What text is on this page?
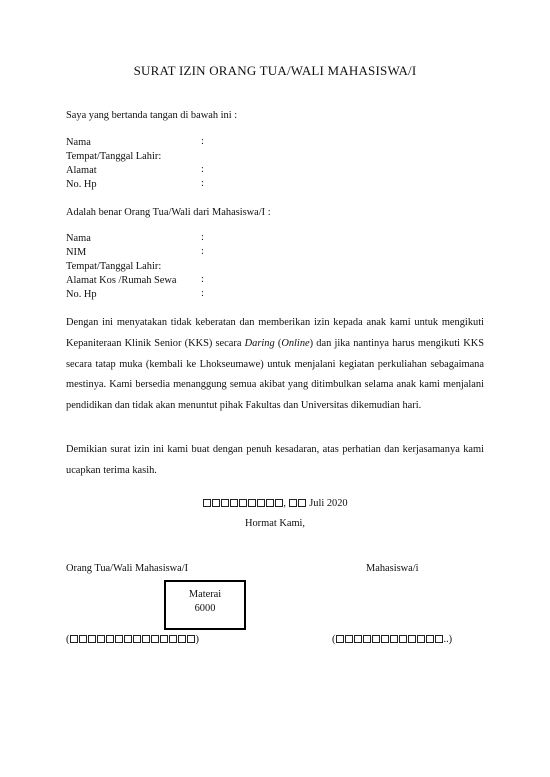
SURAT IZIN ORANG TUA/WALI MAHASISWA/I
Saya yang bertanda tangan di bawah ini :
Nama	:
Tempat/Tanggal Lahir:
Alamat	:
No. Hp	:
Adalah benar Orang Tua/Wali dari Mahasiswa/I :
Nama	:
NIM	:
Tempat/Tanggal Lahir:
Alamat Kos /Rumah Sewa :
No. Hp	:
Dengan ini menyatakan tidak keberatan dan memberikan izin kepada anak kami untuk mengikuti Kepaniteraan Klinik Senior (KKS) secara Daring (Online) dan jika nantinya harus mengikuti KKS secara tatap muka (kembali ke Lhokseumawe) untuk menjalani kegiatan perkuliahan sebagaimana mestinya. Kami bersedia menanggung semua akibat yang ditimbulkan selama anak kami menjalani pendidikan dan tidak akan menuntut pihak Fakultas dan Universitas dikemudian hari.
Demikian surat izin ini kami buat dengan penuh kesadaran, atas perhatian dan kerjasamanya kami ucapkan terima kasih.
,  Juli 2020
Hormat Kami,
Orang Tua/Wali Mahasiswa/I	Mahasiswa/i
Materai
6000
(	)	(	..)
